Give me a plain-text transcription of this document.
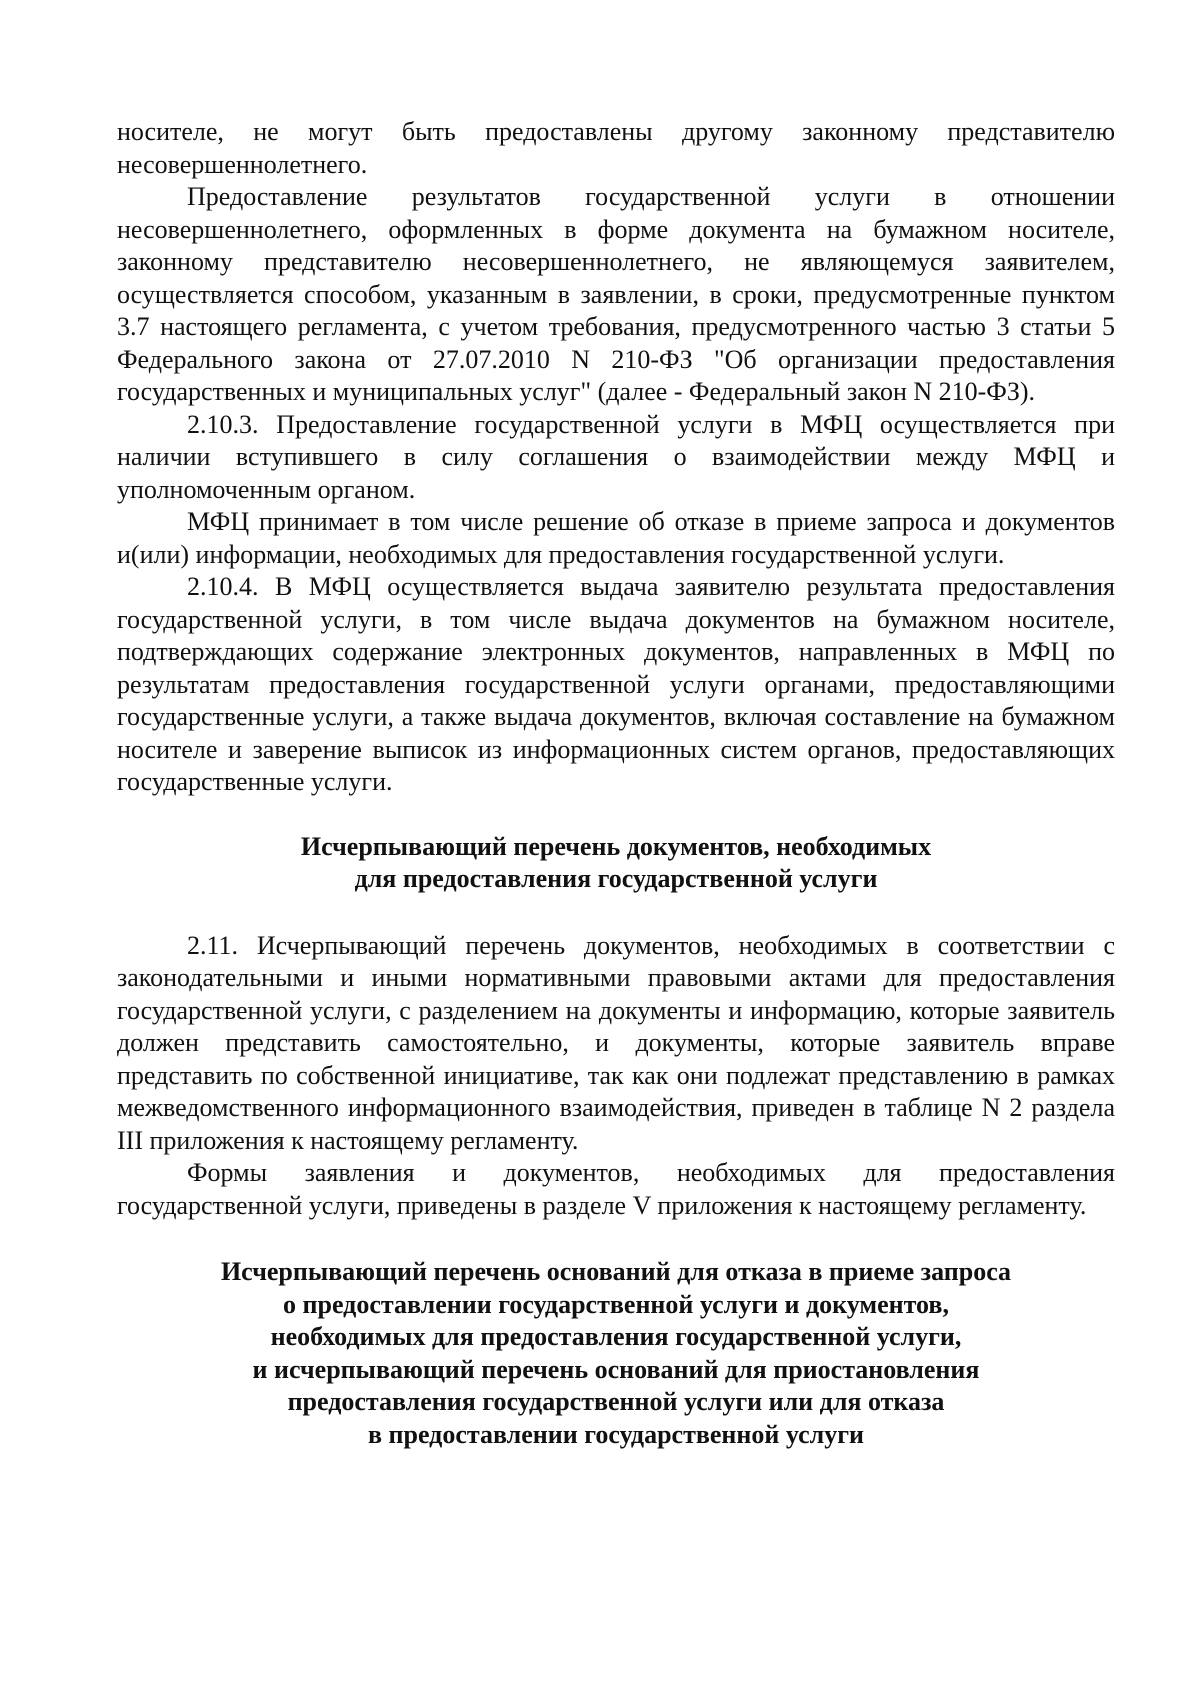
носителе, не могут быть предоставлены другому законному представителю несовершеннолетнего.

Предоставление результатов государственной услуги в отношении несовершеннолетнего, оформленных в форме документа на бумажном носителе, законному представителю несовершеннолетнего, не являющемуся заявителем, осуществляется способом, указанным в заявлении, в сроки, предусмотренные пунктом 3.7 настоящего регламента, с учетом требования, предусмотренного частью 3 статьи 5 Федерального закона от 27.07.2010 N 210-ФЗ "Об организации предоставления государственных и муниципальных услуг" (далее - Федеральный закон N 210-ФЗ).

2.10.3. Предоставление государственной услуги в МФЦ осуществляется при наличии вступившего в силу соглашения о взаимодействии между МФЦ и уполномоченным органом.

МФЦ принимает в том числе решение об отказе в приеме запроса и документов и(или) информации, необходимых для предоставления государственной услуги.

2.10.4. В МФЦ осуществляется выдача заявителю результата предоставления государственной услуги, в том числе выдача документов на бумажном носителе, подтверждающих содержание электронных документов, направленных в МФЦ по результатам предоставления государственной услуги органами, предоставляющими государственные услуги, а также выдача документов, включая составление на бумажном носителе и заверение выписок из информационных систем органов, предоставляющих государственные услуги.

Исчерпывающий перечень документов, необходимых
для предоставления государственной услуги

2.11. Исчерпывающий перечень документов, необходимых в соответствии с законодательными и иными нормативными правовыми актами для предоставления государственной услуги, с разделением на документы и информацию, которые заявитель должен представить самостоятельно, и документы, которые заявитель вправе представить по собственной инициативе, так как они подлежат представлению в рамках межведомственного информационного взаимодействия, приведен в таблице N 2 раздела III приложения к настоящему регламенту.

Формы заявления и документов, необходимых для предоставления государственной услуги, приведены в разделе V приложения к настоящему регламенту.

Исчерпывающий перечень оснований для отказа в приеме запроса
о предоставлении государственной услуги и документов,
необходимых для предоставления государственной услуги,
и исчерпывающий перечень оснований для приостановления
предоставления государственной услуги или для отказа
в предоставлении государственной услуги
